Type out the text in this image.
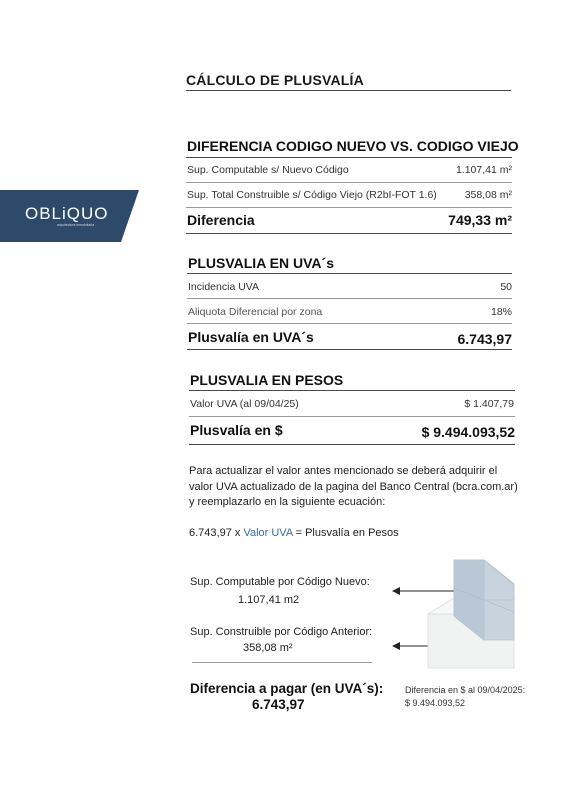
OBLiQUO
arquitectura inmobiliaria
CÁLCULO DE PLUSVALÍA
DIFERENCIA CODIGO NUEVO VS. CODIGO VIEJO
Sup. Computable s/ Nuevo Código	1.107,41 m²
Sup. Total Construible s/ Código Viejo (R2bI-FOT 1.6)	358,08 m²
Diferencia	749,33 m²
PLUSVALIA EN UVA´s
Incidencia UVA	50
Aliquota Diferencial por zona	18%
Plusvalía en UVA´s	6.743,97
PLUSVALIA EN PESOS
Valor UVA (al 09/04/25)	$ 1.407,79
Plusvalía en $	$ 9.494.093,52
Para actualizar el valor antes mencionado se deberá adquirir el
valor UVA actualizado de la pagina del Banco Central (bcra.com.ar)
y reemplazarlo en la siguiente ecuación:
6.743,97 x Valor UVA = Plusvalía en Pesos
Sup. Computable por Código Nuevo:
1.107,41 m2
Sup. Construible por Código Anterior:
358,08 m²
Diferencia a pagar (en UVA´s):
6.743,97
Diferencia en $ al 09/04/2025:
$ 9.494.093,52
